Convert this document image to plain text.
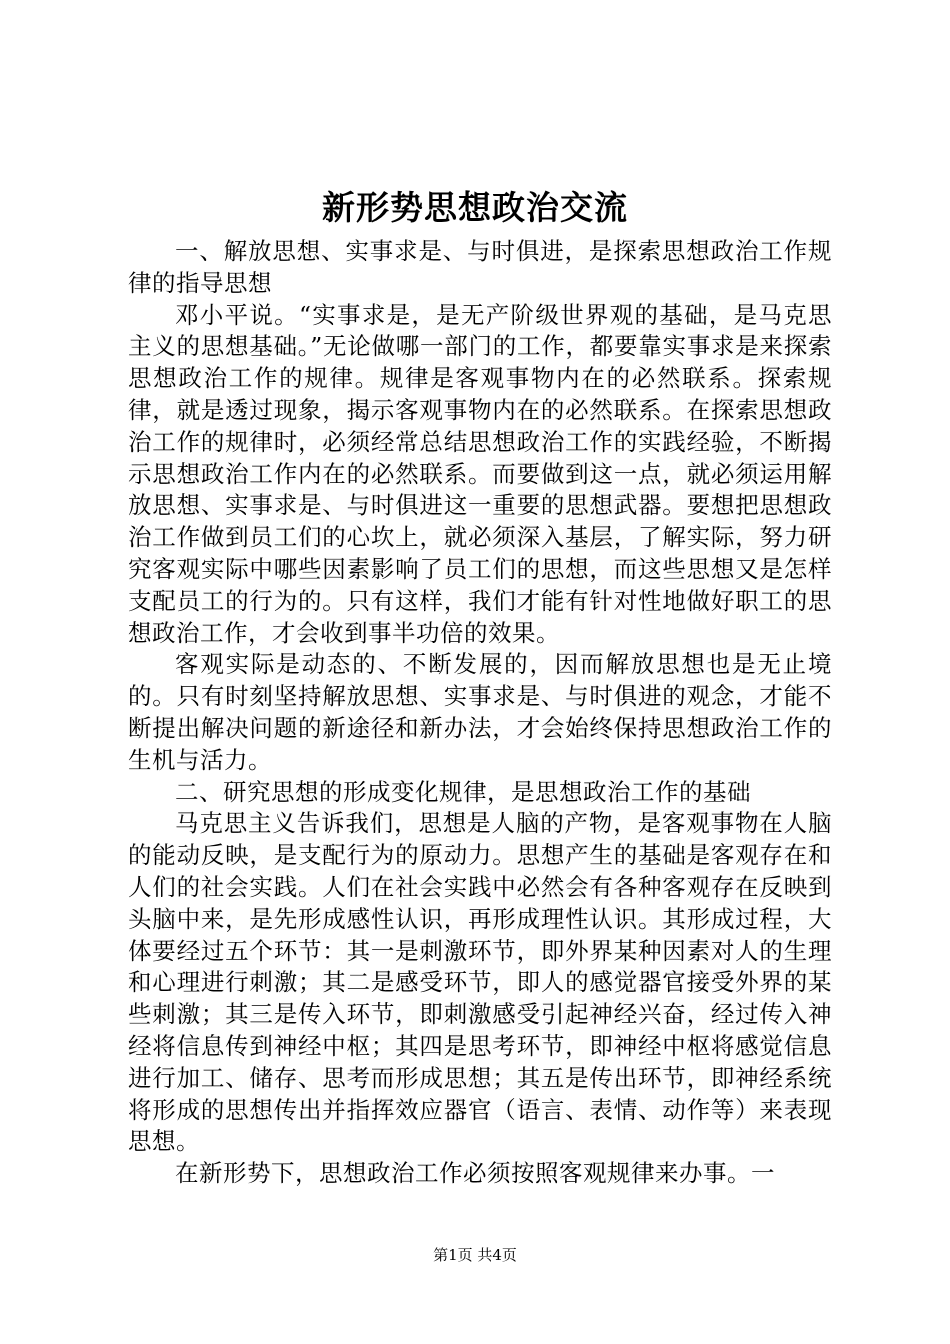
新形势思想政治交流

一、解放思想、实事求是、与时俱进，是探索思想政治工作规律的指导思想

邓小平说。“实事求是，是无产阶级世界观的基础，是马克思主义的思想基础。”无论做哪一部门的工作，都要靠实事求是来探索思想政治工作的规律。规律是客观事物内在的必然联系。探索规律，就是透过现象，揭示客观事物内在的必然联系。在探索思想政治工作的规律时，必须经常总结思想政治工作的实践经验，不断揭示思想政治工作内在的必然联系。而要做到这一点，就必须运用解放思想、实事求是、与时俱进这一重要的思想武器。要想把思想政治工作做到员工们的心坎上，就必须深入基层，了解实际，努力研究客观实际中哪些因素影响了员工们的思想，而这些思想又是怎样支配员工的行为的。只有这样，我们才能有针对性地做好职工的思想政治工作，才会收到事半功倍的效果。

客观实际是动态的、不断发展的，因而解放思想也是无止境的。只有时刻坚持解放思想、实事求是、与时俱进的观念，才能不断提出解决问题的新途径和新办法，才会始终保持思想政治工作的生机与活力。

二、研究思想的形成变化规律，是思想政治工作的基础

马克思主义告诉我们，思想是人脑的产物，是客观事物在人脑的能动反映，是支配行为的原动力。思想产生的基础是客观存在和人们的社会实践。人们在社会实践中必然会有各种客观存在反映到头脑中来，是先形成感性认识，再形成理性认识。其形成过程，大体要经过五个环节：其一是刺激环节，即外界某种因素对人的生理和心理进行刺激；其二是感受环节，即人的感觉器官接受外界的某些刺激；其三是传入环节，即刺激感受引起神经兴奋，经过传入神经将信息传到神经中枢；其四是思考环节，即神经中枢将感觉信息进行加工、储存、思考而形成思想；其五是传出环节，即神经系统将形成的思想传出并指挥效应器官（语言、表情、动作等）来表现思想。

在新形势下，思想政治工作必须按照客观规律来办事。一

第1页 共4页
